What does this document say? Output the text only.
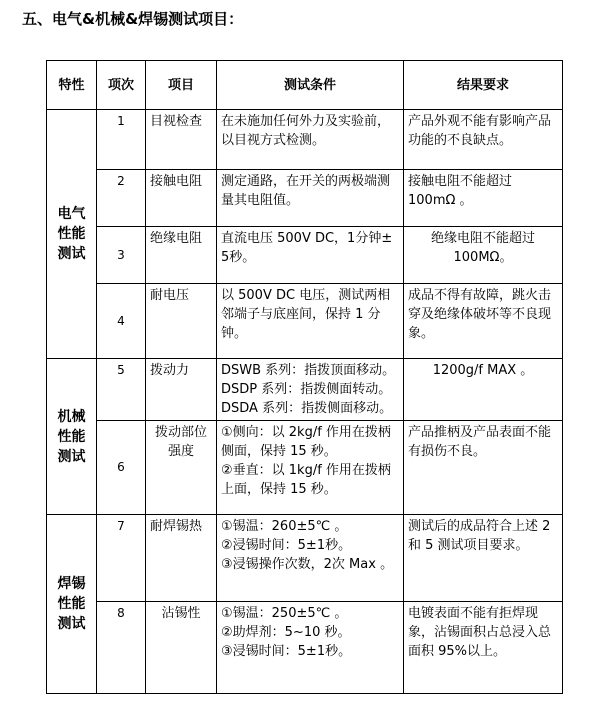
五、电气&机械&焊锡测试项目：
特性	项次	项目	测试条件	结果要求
电气性能测试	1	目视检查	在未施加任何外力及实验前，以目视方式检测。	产品外观不能有影响产品功能的不良缺点。

	2	接触电阻	测定通路，在开关的两极端测量其电阻值。	接触电阻不能超过100mΩ 。

	3	绝缘电阻	直流电压 500V DC，1分钟± 5秒。	绝缘电阻不能超过100MΩ。

	4	耐电压	以 500V DC 电压，测试两相邻端子与底座间，保持 1 分钟。	成品不得有故障，跳火击穿及绝缘体破坏等不良现象。

机械性能测试	5	拨动力	DSWB 系列：指拨顶面移动。
DSDP 系列：指拨侧面转动。
DSDA 系列：指拨侧面移动。	1200g/f MAX 。

	6	拨动部位强度	①侧向：以 2kg/f 作用在拨柄侧面，保持 15 秒。
②垂直：以 1kg/f 作用在拨柄上面，保持 15 秒。	产品推柄及产品表面不能有损伤不良。

焊锡性能测试	7	耐焊锡热	①锡温：260±5℃ 。
②浸锡时间：5±1秒。
③浸锡操作次数，2次 Max 。	测试后的成品符合上述 2 和 5 测试项目要求。

	8	沾锡性	①锡温：250±5℃ 。
②助焊剂：5~10 秒。
③浸锡时间：5±1秒。	电镀表面不能有拒焊现象，沾锡面积占总浸入总面积 95%以上。
